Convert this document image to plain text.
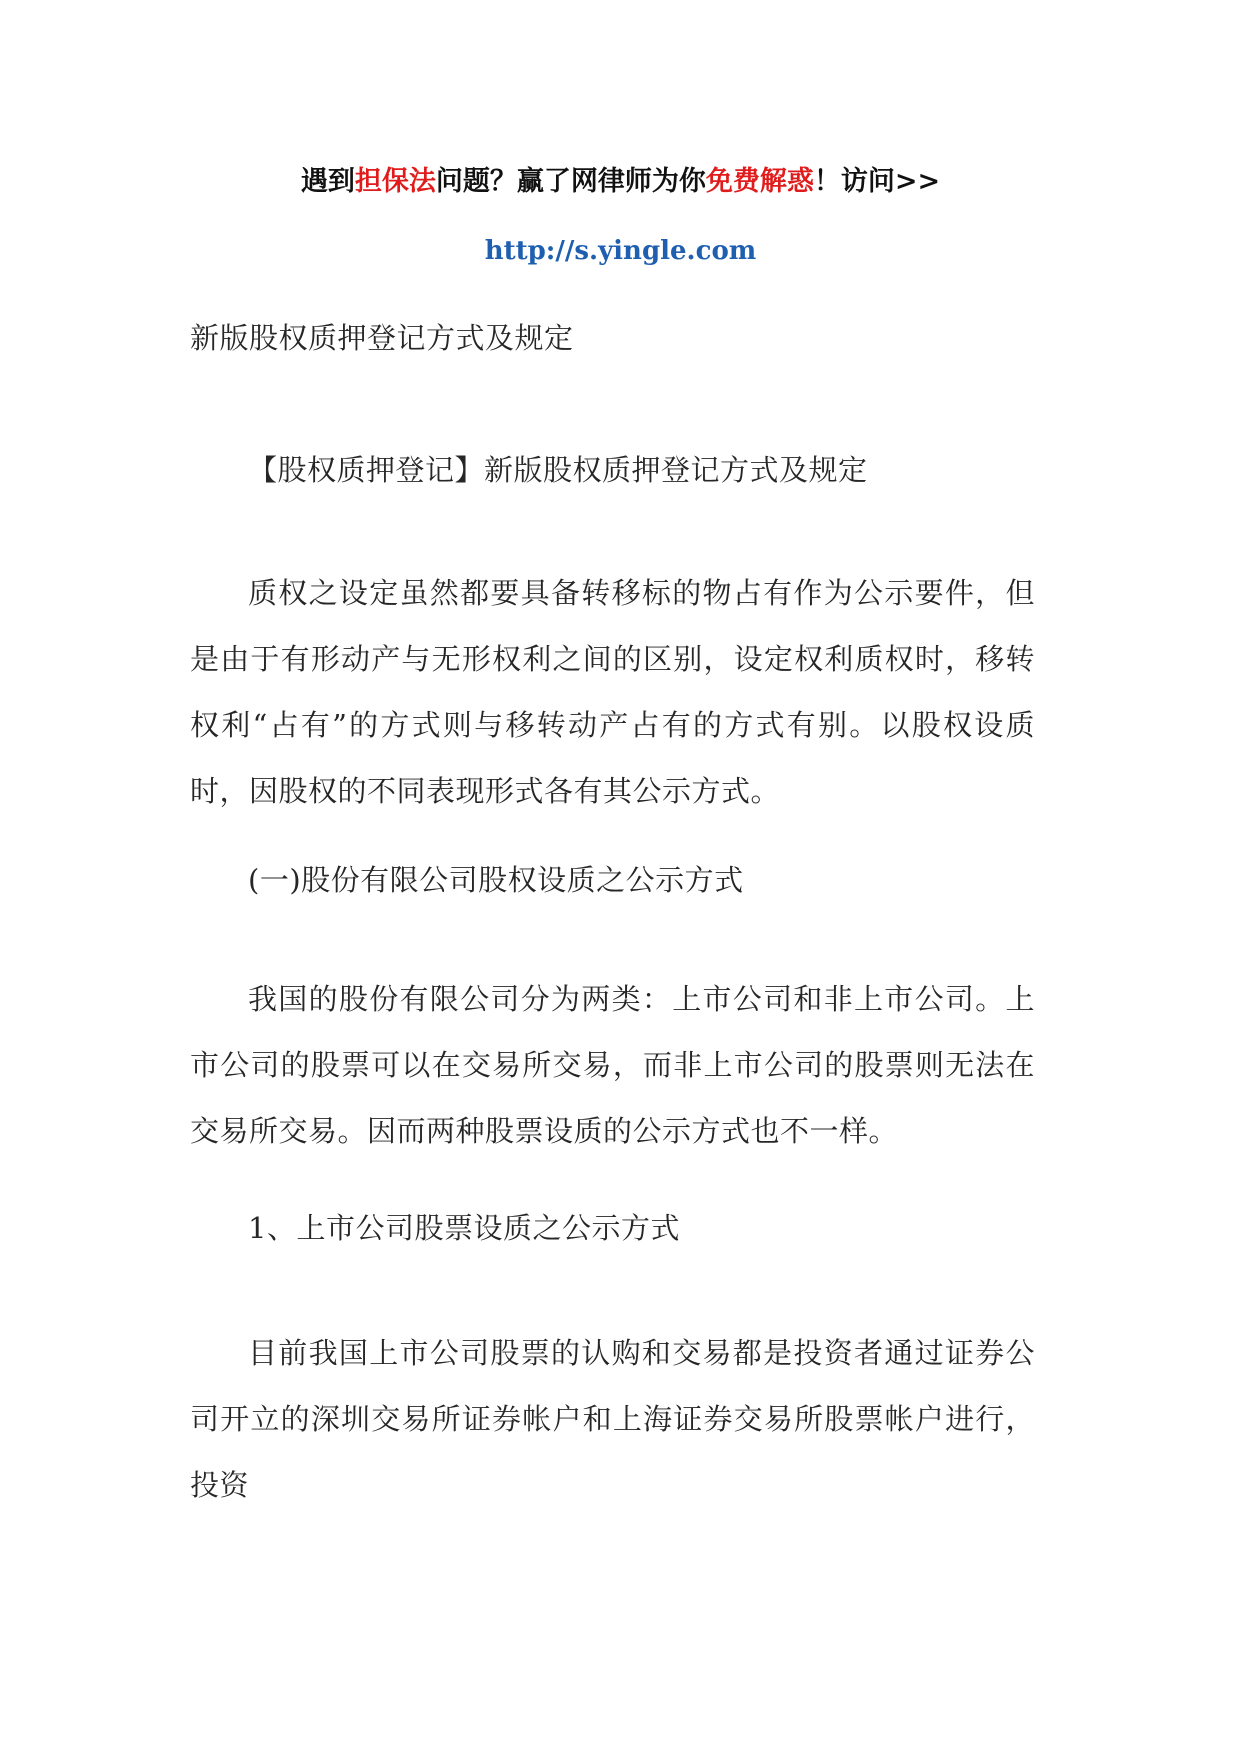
遇到担保法问题？赢了网律师为你免费解惑！访问>>
http://s.yingle.com
新版股权质押登记方式及规定
【股权质押登记】新版股权质押登记方式及规定
质权之设定虽然都要具备转移标的物占有作为公示要件，但是由于有形动产与无形权利之间的区别，设定权利质权时，移转权利“占有”的方式则与移转动产占有的方式有别。以股权设质时，因股权的不同表现形式各有其公示方式。
(一)股份有限公司股权设质之公示方式
我国的股份有限公司分为两类：上市公司和非上市公司。上市公司的股票可以在交易所交易，而非上市公司的股票则无法在交易所交易。因而两种股票设质的公示方式也不一样。
1、上市公司股票设质之公示方式
目前我国上市公司股票的认购和交易都是投资者通过证券公司开立的深圳交易所证券帐户和上海证券交易所股票帐户进行，投资
